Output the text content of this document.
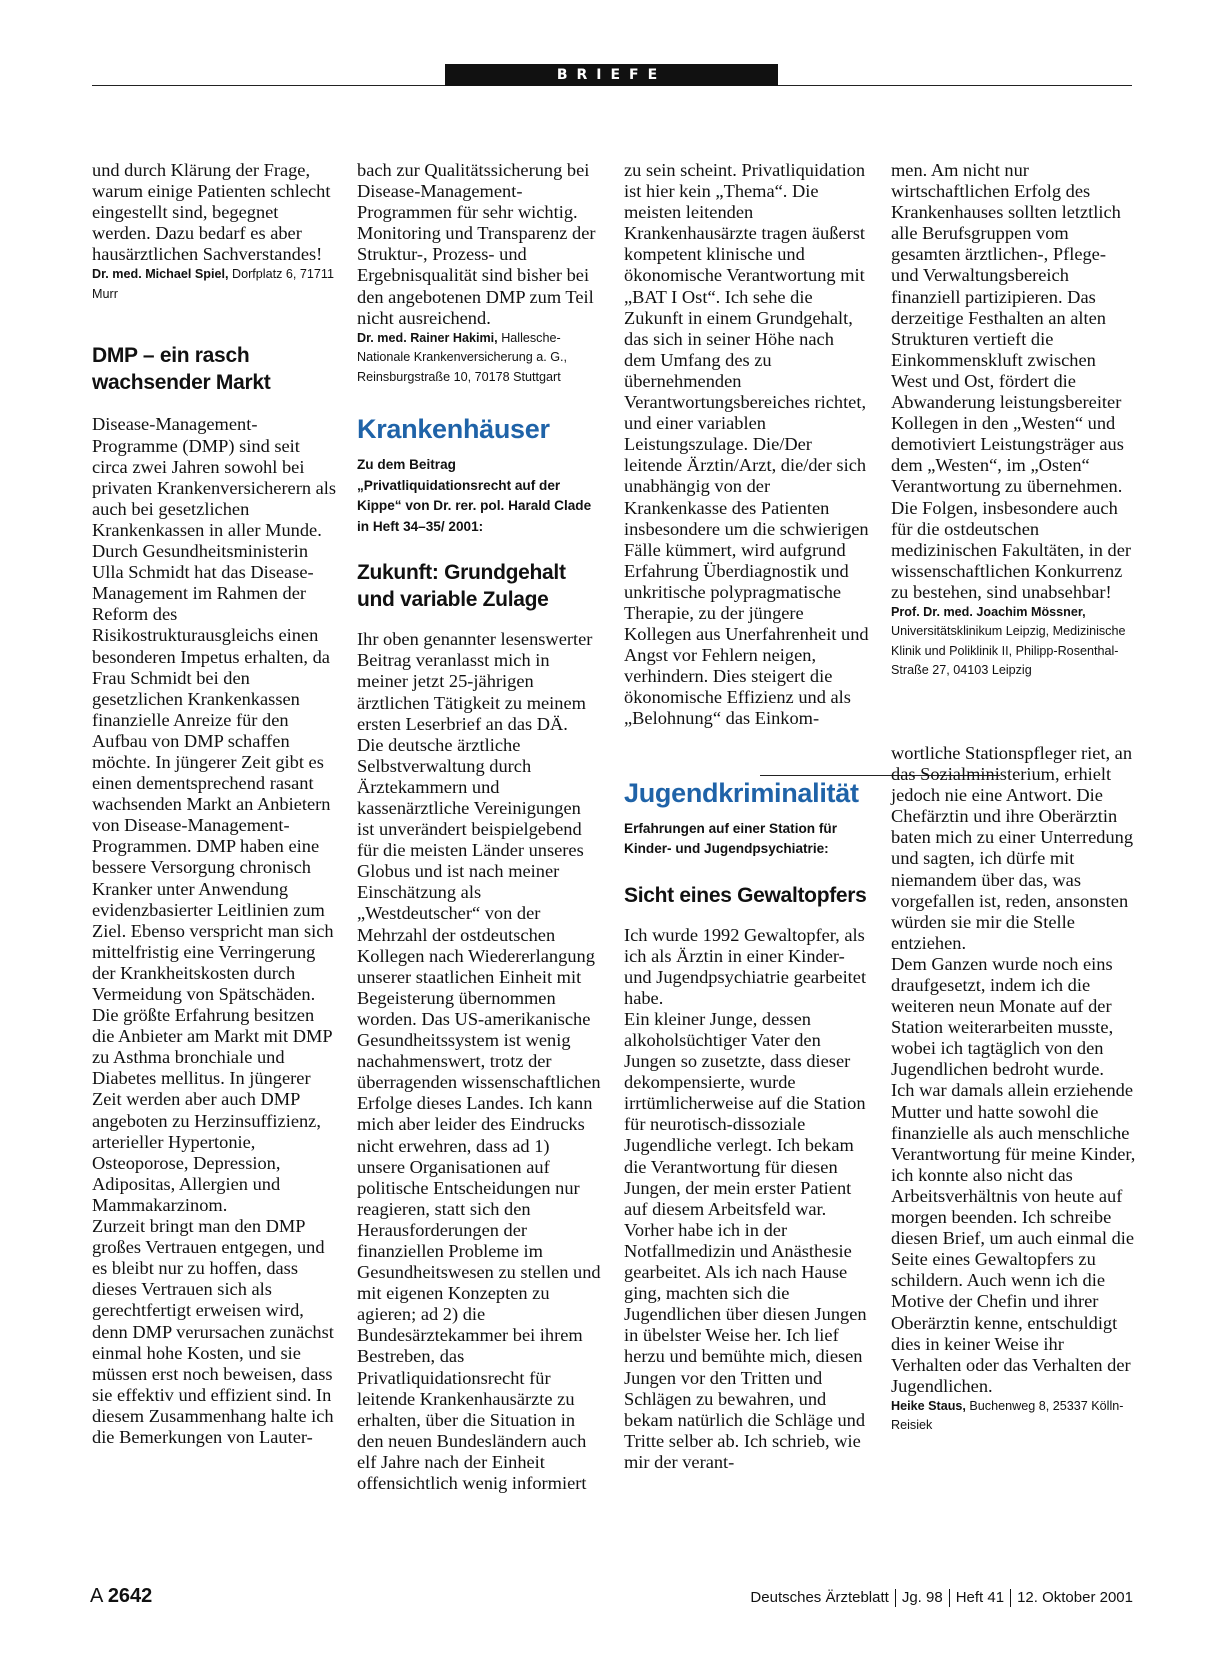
BRIEFE

und durch Klärung der Frage, warum einige Patienten schlecht eingestellt sind, begegnet werden. Dazu bedarf es aber hausärztlichen Sachverstandes!

Dr. med. Michael Spiel, Dorfplatz 6, 71711 Murr

DMP – ein rasch wachsender Markt

Disease-Management-Programme (DMP) sind seit circa zwei Jahren sowohl bei privaten Krankenversicherern als auch bei gesetzlichen Krankenkassen in aller Munde. Durch Gesundheitsministerin Ulla Schmidt hat das Disease-Management im Rahmen der Reform des Risikostrukturausgleichs einen besonderen Impetus erhalten, da Frau Schmidt bei den gesetzlichen Krankenkassen finanzielle Anreize für den Aufbau von DMP schaffen möchte. In jüngerer Zeit gibt es einen dementsprechend rasant wachsenden Markt an Anbietern von Disease-Management-Programmen. DMP haben eine bessere Versorgung chronisch Kranker unter Anwendung evidenzbasierter Leitlinien zum Ziel. Ebenso verspricht man sich mittelfristig eine Verringerung der Krankheitskosten durch Vermeidung von Spätschäden. Die größte Erfahrung besitzen die Anbieter am Markt mit DMP zu Asthma bronchiale und Diabetes mellitus. In jüngerer Zeit werden aber auch DMP angeboten zu Herzinsuffizienz, arterieller Hypertonie, Osteoporose, Depression, Adipositas, Allergien und Mammakarzinom.

Zurzeit bringt man den DMP großes Vertrauen entgegen, und es bleibt nur zu hoffen, dass dieses Vertrauen sich als gerechtfertigt erweisen wird, denn DMP verursachen zunächst einmal hohe Kosten, und sie müssen erst noch beweisen, dass sie effektiv und effizient sind. In diesem Zusammenhang halte ich die Bemerkungen von Lauter-

bach zur Qualitätssicherung bei Disease-Management-Programmen für sehr wichtig. Monitoring und Transparenz der Struktur-, Prozess- und Ergebnisqualität sind bisher bei den angebotenen DMP zum Teil nicht ausreichend.

Dr. med. Rainer Hakimi, Hallesche-Nationale Krankenversicherung a. G., Reinsburgstraße 10, 70178 Stuttgart

Krankenhäuser

Zu dem Beitrag „Privatliquidationsrecht auf der Kippe“ von Dr. rer. pol. Harald Clade in Heft 34–35/ 2001:

Zukunft: Grundgehalt und variable Zulage

Ihr oben genannter lesenswerter Beitrag veranlasst mich in meiner jetzt 25-jährigen ärztlichen Tätigkeit zu meinem ersten Leserbrief an das DÄ.

Die deutsche ärztliche Selbstverwaltung durch Ärztekammern und kassenärztliche Vereinigungen ist unverändert beispielgebend für die meisten Länder unseres Globus und ist nach meiner Einschätzung als „Westdeutscher“ von der Mehrzahl der ostdeutschen Kollegen nach Wiedererlangung unserer staatlichen Einheit mit Begeisterung übernommen worden. Das US-amerikanische Gesundheitssystem ist wenig nachahmenswert, trotz der überragenden wissenschaftlichen Erfolge dieses Landes. Ich kann mich aber leider des Eindrucks nicht erwehren, dass ad 1) unsere Organisationen auf politische Entscheidungen nur reagieren, statt sich den Herausforderungen der finanziellen Probleme im Gesundheitswesen zu stellen und mit eigenen Konzepten zu agieren; ad 2) die Bundesärztekammer bei ihrem Bestreben, das Privatliquidationsrecht für leitende Krankenhausärzte zu erhalten, über die Situation in den neuen Bundesländern auch elf Jahre nach der Einheit offensichtlich wenig informiert

zu sein scheint. Privatliquidation ist hier kein „Thema“. Die meisten leitenden Krankenhausärzte tragen äußerst kompetent klinische und ökonomische Verantwortung mit „BAT I Ost“. Ich sehe die Zukunft in einem Grundgehalt, das sich in seiner Höhe nach dem Umfang des zu übernehmenden Verantwortungsbereiches richtet, und einer variablen Leistungszulage. Die/Der leitende Ärztin/Arzt, die/der sich unabhängig von der Krankenkasse des Patienten insbesondere um die schwierigen Fälle kümmert, wird aufgrund Erfahrung Überdiagnostik und unkritische polypragmatische Therapie, zu der jüngere Kollegen aus Unerfahrenheit und Angst vor Fehlern neigen, verhindern. Dies steigert die ökonomische Effizienz und als „Belohnung“ das Einkom-

Jugendkriminalität

Erfahrungen auf einer Station für Kinder- und Jugendpsychiatrie:

Sicht eines Gewaltopfers

Ich wurde 1992 Gewaltopfer, als ich als Ärztin in einer Kinder- und Jugendpsychiatrie gearbeitet habe.

Ein kleiner Junge, dessen alkoholsüchtiger Vater den Jungen so zusetzte, dass dieser dekompensierte, wurde irrtümlicherweise auf die Station für neurotisch-dissoziale Jugendliche verlegt. Ich bekam die Verantwortung für diesen Jungen, der mein erster Patient auf diesem Arbeitsfeld war. Vorher habe ich in der Notfallmedizin und Anästhesie gearbeitet. Als ich nach Hause ging, machten sich die Jugendlichen über diesen Jungen in übelster Weise her. Ich lief herzu und bemühte mich, diesen Jungen vor den Tritten und Schlägen zu bewahren, und bekam natürlich die Schläge und Tritte selber ab. Ich schrieb, wie mir der verant-

men. Am nicht nur wirtschaftlichen Erfolg des Krankenhauses sollten letztlich alle Berufsgruppen vom gesamten ärztlichen-, Pflege- und Verwaltungsbereich finanziell partizipieren. Das derzeitige Festhalten an alten Strukturen vertieft die Einkommenskluft zwischen West und Ost, fördert die Abwanderung leistungsbereiter Kollegen in den „Westen“ und demotiviert Leistungsträger aus dem „Westen“, im „Osten“ Verantwortung zu übernehmen. Die Folgen, insbesondere auch für die ostdeutschen medizinischen Fakultäten, in der wissenschaftlichen Konkurrenz zu bestehen, sind unabsehbar!

Prof. Dr. med. Joachim Mössner, Universitätsklinikum Leipzig, Medizinische Klinik und Poliklinik II, Philipp-Rosenthal-Straße 27, 04103 Leipzig

wortliche Stationspfleger riet, an das Sozialministerium, erhielt jedoch nie eine Antwort. Die Chefärztin und ihre Oberärztin baten mich zu einer Unterredung und sagten, ich dürfe mit niemandem über das, was vorgefallen ist, reden, ansonsten würden sie mir die Stelle entziehen.

Dem Ganzen wurde noch eins draufgesetzt, indem ich die weiteren neun Monate auf der Station weiterarbeiten musste, wobei ich tagtäglich von den Jugendlichen bedroht wurde.

Ich war damals allein erziehende Mutter und hatte sowohl die finanzielle als auch menschliche Verantwortung für meine Kinder, ich konnte also nicht das Arbeitsverhältnis von heute auf morgen beenden. Ich schreibe diesen Brief, um auch einmal die Seite eines Gewaltopfers zu schildern. Auch wenn ich die Motive der Chefin und ihrer Oberärztin kenne, entschuldigt dies in keiner Weise ihr Verhalten oder das Verhalten der Jugendlichen.

Heike Staus, Buchenweg 8, 25337 Kölln-Reisiek

A 2642	Deutsches Ärzteblatt Jg. 98 Heft 41 12. Oktober 2001
